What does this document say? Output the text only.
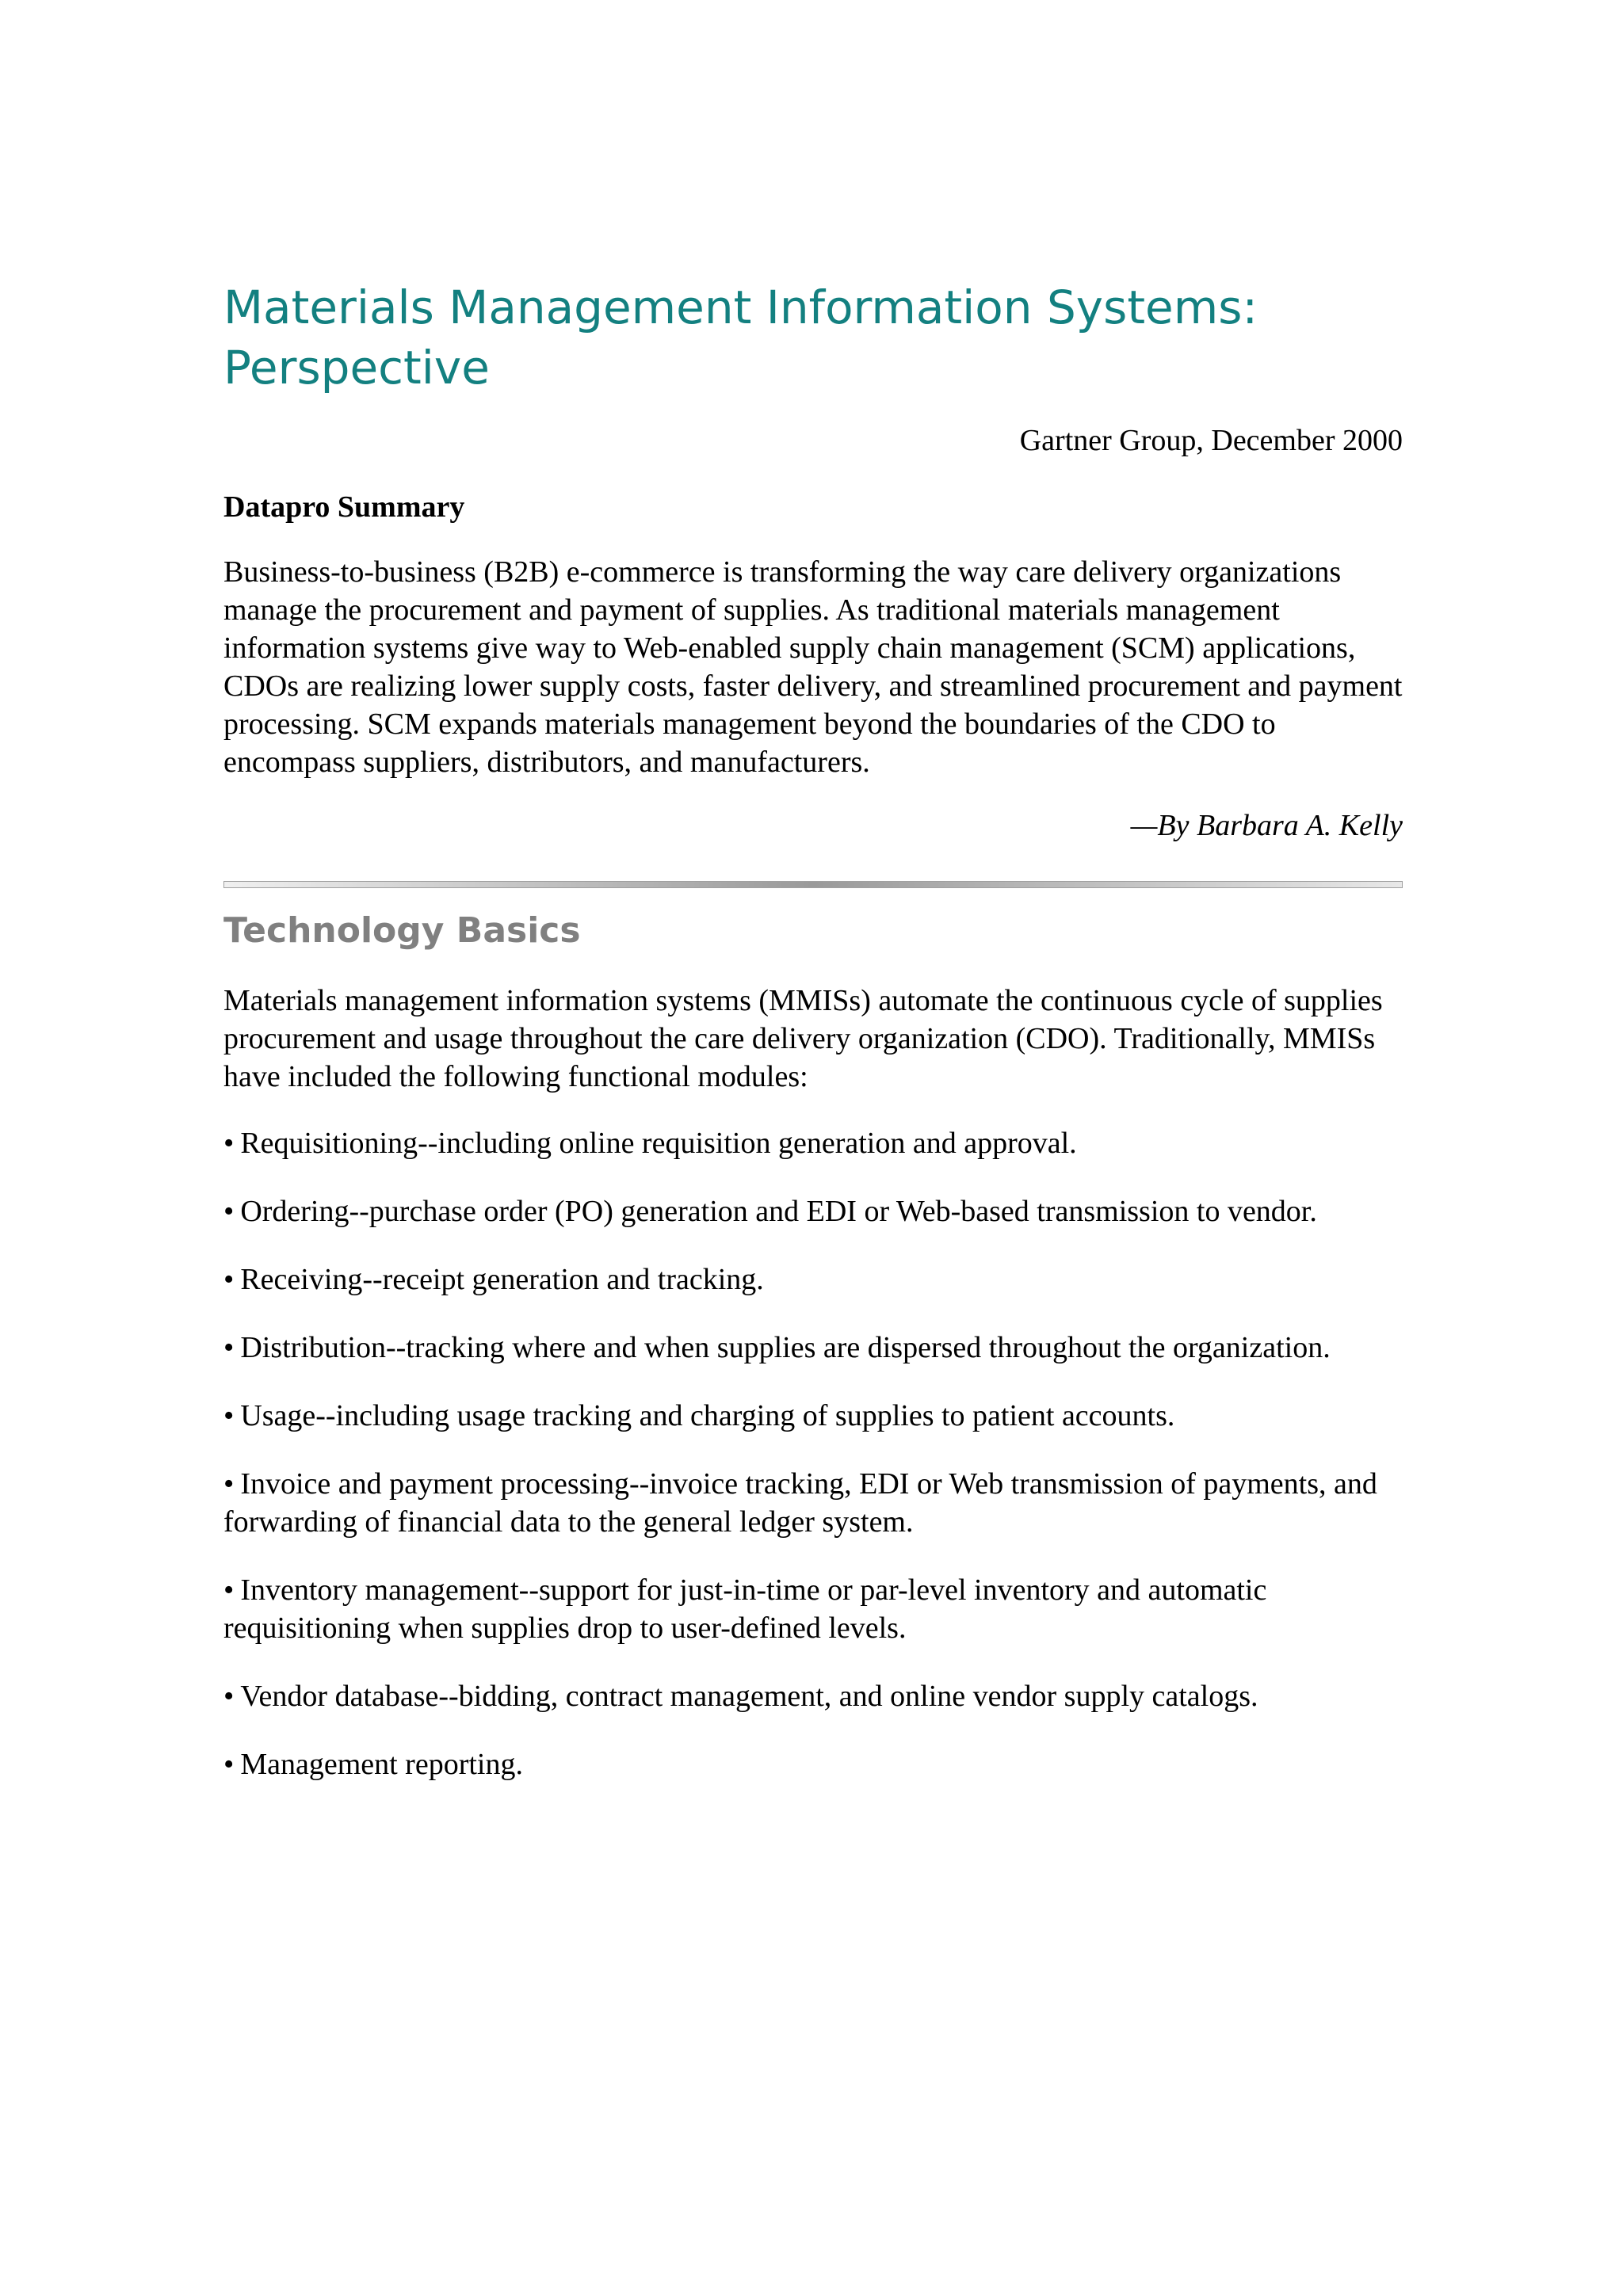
Materials Management Information Systems: Perspective
Gartner Group, December 2000
Datapro Summary

Business-to-business (B2B) e-commerce is transforming the way care delivery organizations manage the procurement and payment of supplies. As traditional materials management information systems give way to Web-enabled supply chain management (SCM) applications, CDOs are realizing lower supply costs, faster delivery, and streamlined procurement and payment processing. SCM expands materials management beyond the boundaries of the CDO to encompass suppliers, distributors, and manufacturers.

—By Barbara A. Kelly
Technology Basics

Materials management information systems (MMISs) automate the continuous cycle of supplies procurement and usage throughout the care delivery organization (CDO). Traditionally, MMISs have included the following functional modules:

• Requisitioning--including online requisition generation and approval.
• Ordering--purchase order (PO) generation and EDI or Web-based transmission to vendor.
• Receiving--receipt generation and tracking.
• Distribution--tracking where and when supplies are dispersed throughout the organization.
• Usage--including usage tracking and charging of supplies to patient accounts.
• Invoice and payment processing--invoice tracking, EDI or Web transmission of payments, and forwarding of financial data to the general ledger system.
• Inventory management--support for just-in-time or par-level inventory and automatic requisitioning when supplies drop to user-defined levels.
• Vendor database--bidding, contract management, and online vendor supply catalogs.
• Management reporting.
